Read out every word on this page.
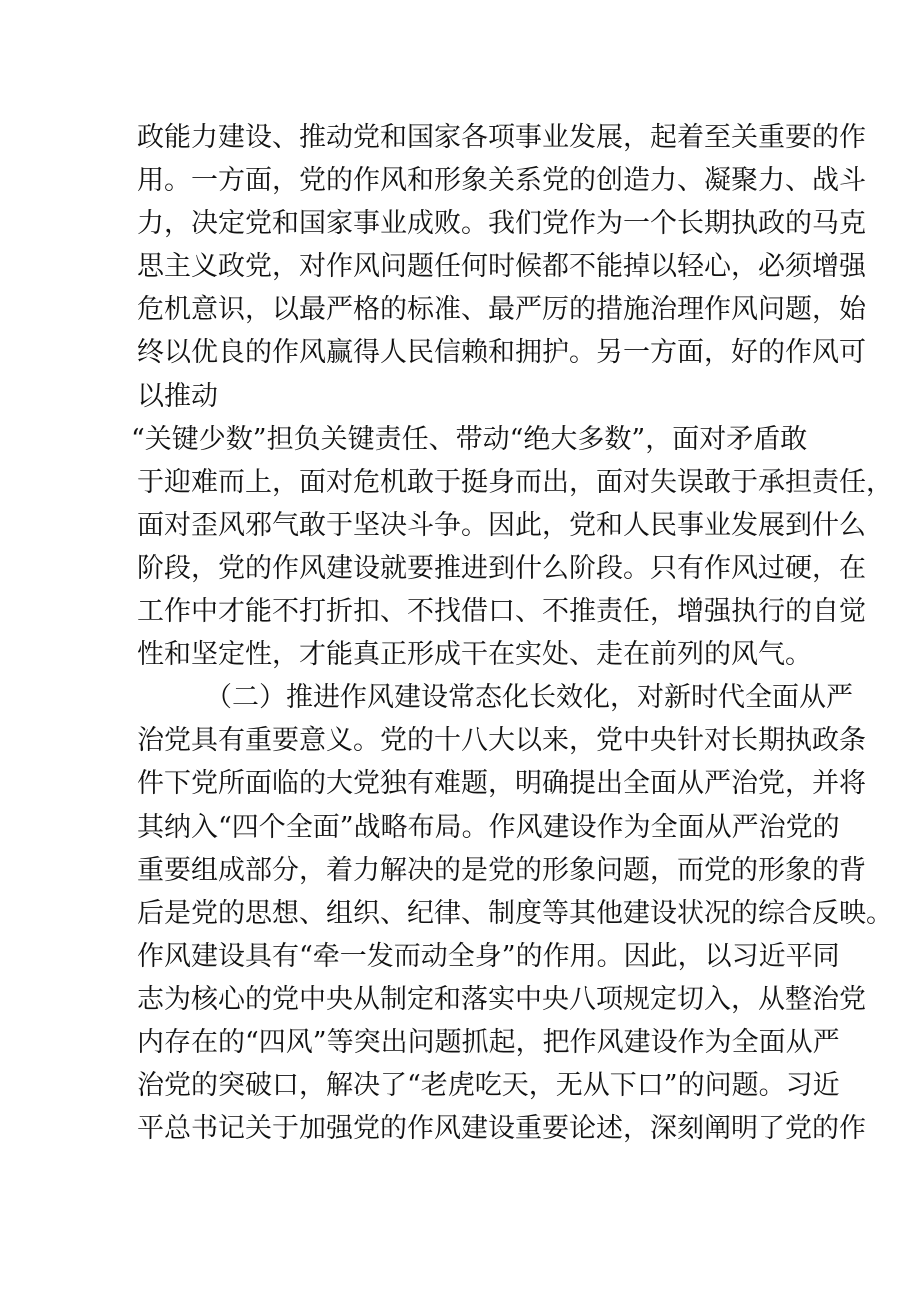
政能力建设、推动党和国家各项事业发展，起着至关重要的作
用。一方面，党的作风和形象关系党的创造力、凝聚力、战斗
力，决定党和国家事业成败。我们党作为一个长期执政的马克
思主义政党，对作风问题任何时候都不能掉以轻心，必须增强
危机意识，以最严格的标准、最严厉的措施治理作风问题，始
终以优良的作风赢得人民信赖和拥护。另一方面，好的作风可
以推动
“关键少数”担负关键责任、带动“绝大多数”，面对矛盾敢
于迎难而上，面对危机敢于挺身而出，面对失误敢于承担责任，
面对歪风邪气敢于坚决斗争。因此，党和人民事业发展到什么
阶段，党的作风建设就要推进到什么阶段。只有作风过硬，在
工作中才能不打折扣、不找借口、不推责任，增强执行的自觉
性和坚定性，才能真正形成干在实处、走在前列的风气。
（二）推进作风建设常态化长效化，对新时代全面从严
治党具有重要意义。党的十八大以来，党中央针对长期执政条
件下党所面临的大党独有难题，明确提出全面从严治党，并将
其纳入“四个全面”战略布局。作风建设作为全面从严治党的
重要组成部分，着力解决的是党的形象问题，而党的形象的背
后是党的思想、组织、纪律、制度等其他建设状况的综合反映。
作风建设具有“牵一发而动全身”的作用。因此，以习近平同
志为核心的党中央从制定和落实中央八项规定切入，从整治党
内存在的“四风”等突出问题抓起，把作风建设作为全面从严
治党的突破口，解决了“老虎吃天，无从下口”的问题。习近
平总书记关于加强党的作风建设重要论述，深刻阐明了党的作
